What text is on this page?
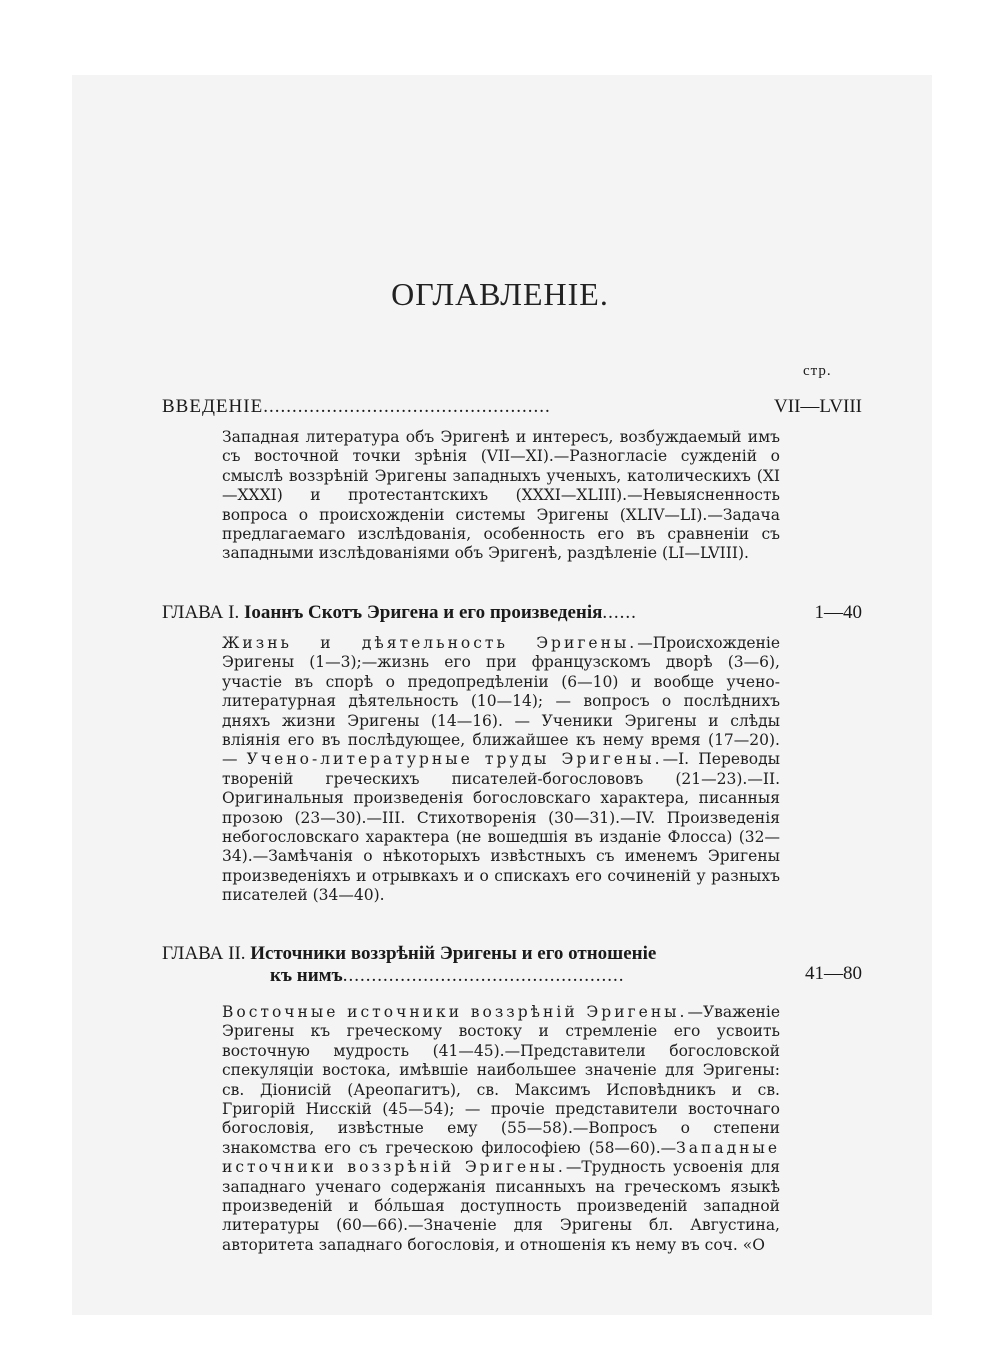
ОГЛАВЛЕНІЕ.
стр.
ВВЕДЕНІЕ..................................................	VII—LVIII
Западная литература объ Эригенѣ и интересъ, возбуждаемый имъ съ восточной точки зрѣнія (VII—XI).—Разногласіе сужденій о смыслѣ воззрѣній Эригены западныхъ ученыхъ, католическихъ (XI—XXXI) и протестантскихъ (XXXI—XLIII).—Невыясненность вопроса о происхожденіи системы Эригены (XLIV—LI).—Задача предлагаемаго изслѣдованія, особенность его въ сравненіи съ западными изслѣдованіями объ Эригенѣ, раздѣленіе (LI—LVIII).
ГЛАВА I. Іоаннъ Скотъ Эригена и его произведенія......	1—40
Жизнь и дѣятельность Эригены.—Происхожденіе Эригены (1—3);—жизнь его при французскомъ дворѣ (3—6), участіе въ спорѣ о предопредѣленіи (6—10) и вообще учено-литературная дѣятельность (10—14); — вопросъ о послѣднихъ дняхъ жизни Эригены (14—16). — Ученики Эригены и слѣды вліянія его въ послѣдующее, ближайшее къ нему время (17—20). — Учено-литературные труды Эригены.—I. Переводы твореній греческихъ писателей-богослововъ (21—23).—II. Оригинальныя произведенія богословскаго характера, писанныя прозою (23—30).—III. Стихотворенія (30—31).—IV. Произведенія небогословскаго характера (не вошедшія въ изданіе Флосса) (32—34).—Замѣчанія о нѣкоторыхъ извѣстныхъ съ именемъ Эригены произведеніяхъ и отрывкахъ и о спискахъ его сочиненій у разныхъ писателей (34—40).
ГЛАВА II. Источники воззрѣній Эригены и его отношеніе
къ нимъ.................................................	41—80
Восточные источники воззрѣній Эригены.—Уваженіе Эригены къ греческому востоку и стремленіе его усвоить восточную мудрость (41—45).—Представители богословской спекуляціи востока, имѣвшіе наибольшее значеніе для Эригены: св. Діонисій (Ареопагитъ), св. Максимъ Исповѣдникъ и св. Григорій Нисскій (45—54); — прочіе представители восточнаго богословія, извѣстные ему (55—58).—Вопросъ о степени знакомства его съ греческою философіею (58—60).—Западные источники воззрѣній Эригены.—Трудность усвоенія для западнаго ученаго содержанія писанныхъ на греческомъ языкѣ произведеній и бóльшая доступность произведеній западной литературы (60—66).—Значеніе для Эригены бл. Августина, авторитета западнаго богословія, и отношенія къ нему въ соч. «О
